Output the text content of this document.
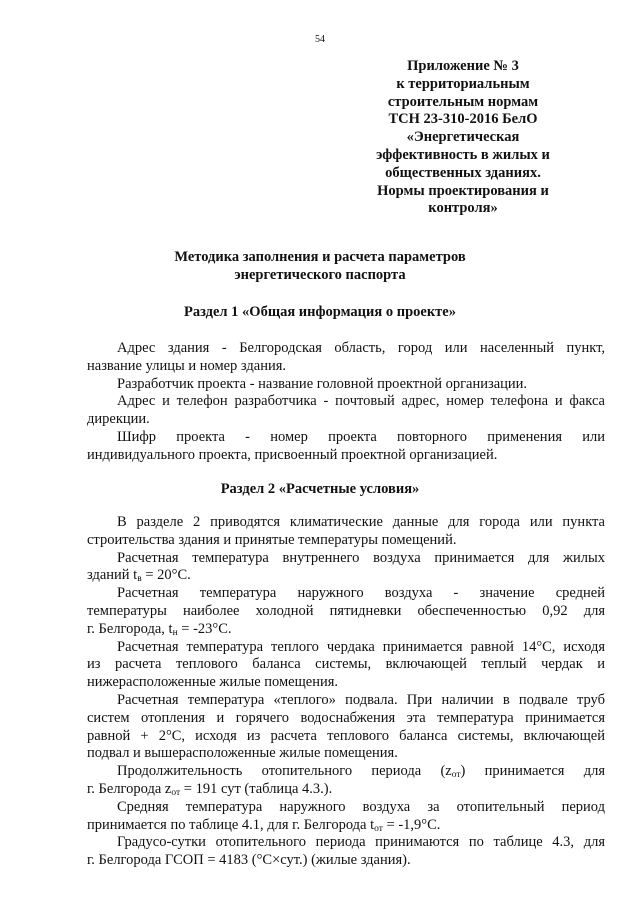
54
Приложение № 3
к территориальным
строительным нормам
ТСН 23-310-2016 БелО
«Энергетическая
эффективность в жилых и
общественных зданиях.
Нормы проектирования и
контроля»
Методика заполнения и расчета параметров
энергетического паспорта
Раздел 1 «Общая информация о проекте»

Адрес здания - Белгородская область, город или населенный пункт,
название улицы и номер здания.

Разработчик проекта - название головной проектной организации.

Адрес и телефон разработчика - почтовый адрес, номер телефона и факса
дирекции.

Шифр проекта - номер проекта повторного применения или
индивидуального проекта, присвоенный проектной организацией.

Раздел 2 «Расчетные условия»

В разделе 2 приводятся климатические данные для города или пункта
строительства здания и принятые температуры помещений.

Расчетная температура внутреннего воздуха принимается для жилых
зданий $t_в = 20^\circ С$.

Расчетная температура наружного воздуха - значение средней
температуры наиболее холодной пятидневки обеспеченностью 0,92 для
г. Белгорода, $t_н = -23^\circ С$.

Расчетная температура теплого чердака принимается равной 14°С, исходя
из расчета теплового баланса системы, включающей теплый чердак и
нижерасположенные жилые помещения.

Расчетная температура «теплого» подвала. При наличии в подвале труб
систем отопления и горячего водоснабжения эта температура принимается
равной + 2°С, исходя из расчета теплового баланса системы, включающей
подвал и вышерасположенные жилые помещения.

Продолжительность отопительного периода $(z_{от})$ принимается для
г. Белгорода $z_{от} = 191$ сут (таблица 4.3.).

Средняя температура наружного воздуха за отопительный период
принимается по таблице 4.1, для г. Белгорода $t_{от} = -1,9^\circ С$.

Градусо-сутки отопительного периода принимаются по таблице 4.3, для
г. Белгорода ГСОП = 4183 (°С×сут.) (жилые здания).
